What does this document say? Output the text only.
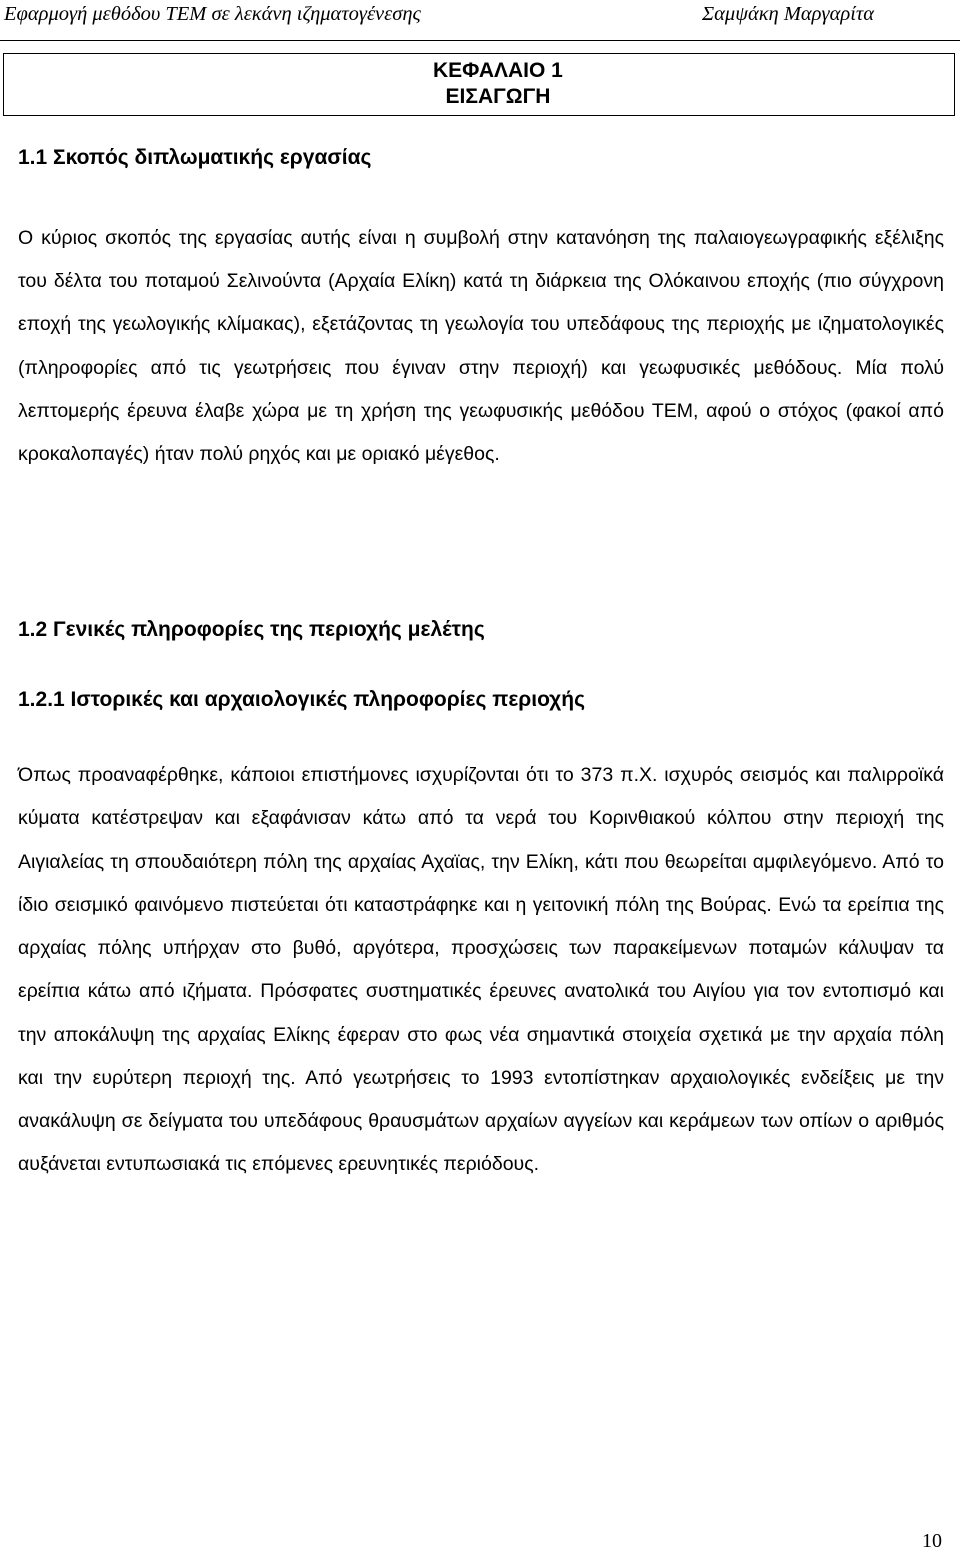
Εφαρμογή μεθόδου ΤΕΜ σε λεκάνη ιζηματογένεσης	Σαμψάκη Μαργαρίτα
ΚΕΦΑΛΑΙΟ 1
ΕΙΣΑΓΩΓΗ
1.1 Σκοπός διπλωματικής εργασίας
Ο κύριος σκοπός της εργασίας αυτής είναι η συμβολή στην κατανόηση της παλαιογεωγραφικής εξέλιξης του δέλτα του ποταμού Σελινούντα (Αρχαία Ελίκη) κατά τη διάρκεια της Ολόκαινου εποχής (πιο σύγχρονη εποχή της γεωλογικής κλίμακας), εξετάζοντας τη γεωλογία του υπεδάφους της περιοχής με ιζηματολογικές (πληροφορίες από τις γεωτρήσεις που έγιναν στην περιοχή) και γεωφυσικές μεθόδους. Μία πολύ λεπτομερής έρευνα έλαβε χώρα με τη χρήση της γεωφυσικής μεθόδου ΤΕΜ, αφού ο στόχος (φακοί από κροκαλοπαγές) ήταν πολύ ρηχός και με οριακό μέγεθος.
1.2 Γενικές πληροφορίες της περιοχής μελέτης
1.2.1 Ιστορικές και αρχαιολογικές πληροφορίες περιοχής
Όπως προαναφέρθηκε, κάποιοι επιστήμονες ισχυρίζονται ότι το 373 π.Χ. ισχυρός σεισμός και παλιρροϊκά κύματα κατέστρεψαν και εξαφάνισαν κάτω από τα νερά του Κορινθιακού κόλπου στην περιοχή της Αιγιαλείας τη σπουδαιότερη πόλη της αρχαίας Αχαϊας, την Ελίκη, κάτι που θεωρείται αμφιλεγόμενο. Από το ίδιο σεισμικό φαινόμενο πιστεύεται ότι καταστράφηκε και η γειτονική πόλη της Βούρας. Ενώ τα ερείπια της αρχαίας πόλης υπήρχαν στο βυθό, αργότερα, προσχώσεις των παρακείμενων ποταμών κάλυψαν τα ερείπια κάτω από ιζήματα. Πρόσφατες συστηματικές έρευνες ανατολικά του Αιγίου για τον εντοπισμό και την αποκάλυψη της αρχαίας Ελίκης έφεραν στο φως νέα σημαντικά στοιχεία σχετικά με την αρχαία πόλη και την ευρύτερη περιοχή της. Από γεωτρήσεις το 1993 εντοπίστηκαν αρχαιολογικές ενδείξεις με την ανακάλυψη σε δείγματα του υπεδάφους θραυσμάτων αρχαίων αγγείων και κεράμεων των οπίων ο αριθμός αυξάνεται εντυπωσιακά τις επόμενες ερευνητικές περιόδους.
10
